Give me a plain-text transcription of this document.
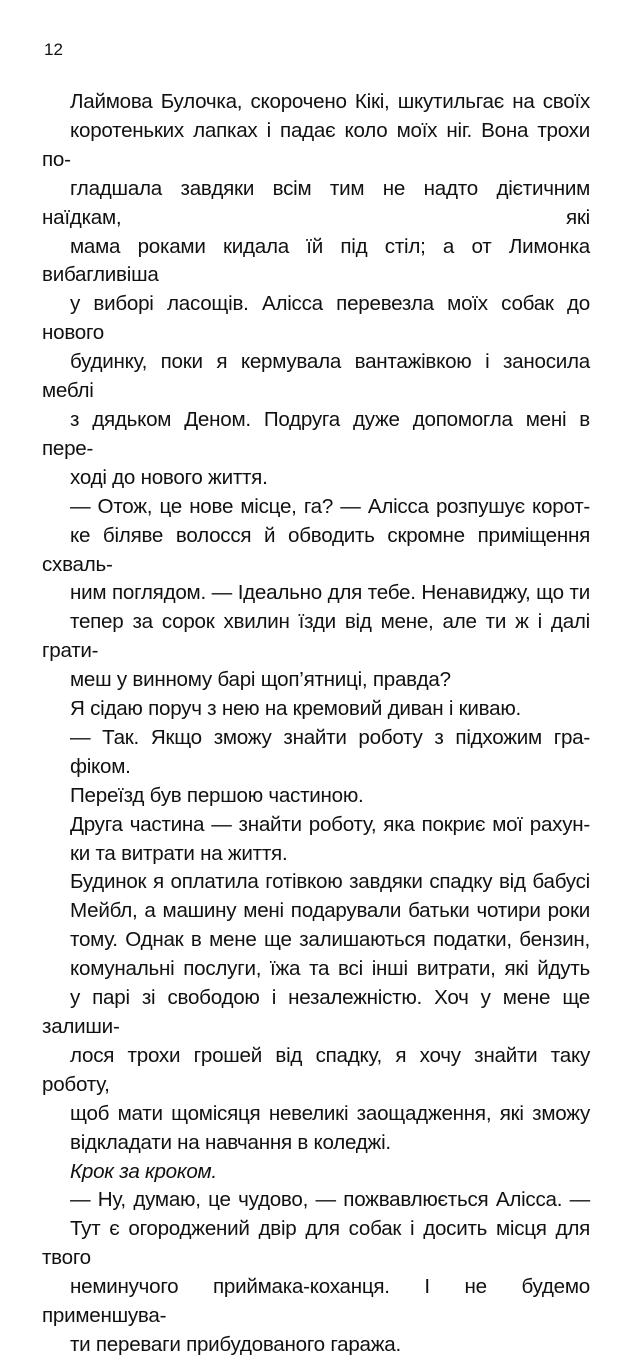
12

Лаймова Булочка, скорочено Кікі, шкутильгає на своїх
коротеньких лапках і падає коло моїх ніг. Вона трохи по-
гладшала завдяки всім тим не надто дієтичним наїдкам, які
мама роками кидала їй під стіл; а от Лимонка вибагливіша
у виборі ласощів. Алісса перевезла моїх собак до нового
будинку, поки я кермувала вантажівкою і заносила меблі
з дядьком Деном. Подруга дуже допомогла мені в пере-
ході до нового життя.

— Отож, це нове місце, га? — Алісса розпушує корот-
ке біляве волосся й обводить скромне приміщення схваль-
ним поглядом. — Ідеально для тебе. Ненавиджу, що ти
тепер за сорок хвилин їзди від мене, але ти ж і далі грати-
меш у винному барі щоп’ятниці, правда?

Я сідаю поруч з нею на кремовий диван і киваю.

— Так. Якщо зможу знайти роботу з підхожим гра-
фіком.

Переїзд був першою частиною.

Друга частина — знайти роботу, яка покриє мої рахун-
ки та витрати на життя.

Будинок я оплатила готівкою завдяки спадку від бабусі
Мейбл, а машину мені подарували батьки чотири роки
тому. Однак в мене ще залишаються податки, бензин,
комунальні послуги, їжа та всі інші витрати, які йдуть
у парі зі свободою і незалежністю. Хоч у мене ще залиши-
лося трохи грошей від спадку, я хочу знайти таку роботу,
щоб мати щомісяця невеликі заощадження, які зможу
відкладати на навчання в коледжі.

Крок за кроком.

— Ну, думаю, це чудово, — пожвавлюється Алісса. —
Тут є огороджений двір для собак і досить місця для твого
неминучого приймака-коханця. І не будемо применшува-
ти переваги прибудованого гаража.
